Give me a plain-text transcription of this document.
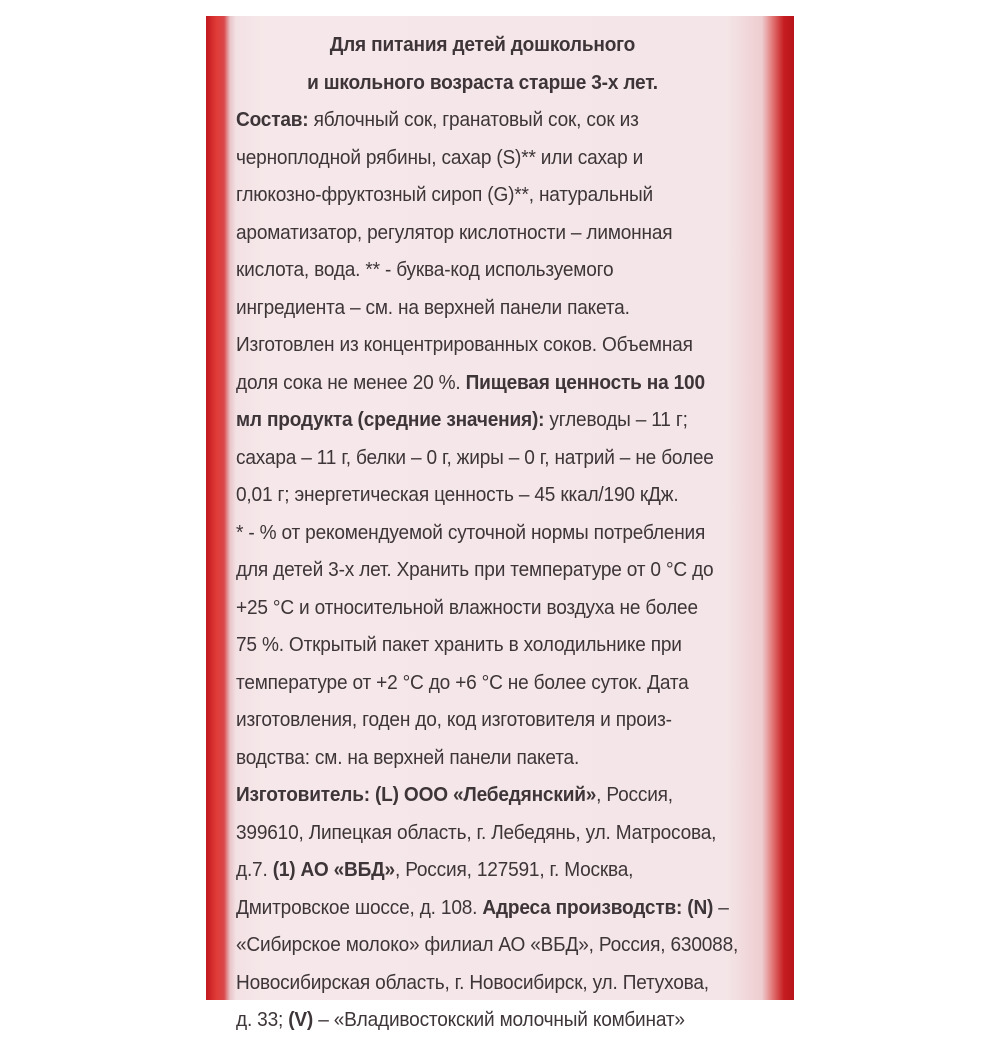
Для питания детей дошкольного
и школьного возраста старше 3-х лет.
Состав: яблочный сок, гранатовый сок, сок из
черноплодной рябины, сахар (S)** или сахар и
глюкозно-фруктозный сироп (G)**, натуральный
ароматизатор, регулятор кислотности – лимонная
кислота, вода. ** - буква-код используемого
ингредиента – см. на верхней панели пакета.
Изготовлен из концентрированных соков. Объемная
доля сока не менее 20 %. Пищевая ценность на 100
мл продукта (средние значения): углеводы – 11 г;
сахара – 11 г, белки – 0 г, жиры – 0 г, натрий – не более
0,01 г; энергетическая ценность – 45 ккал/190 кДж.
* - % от рекомендуемой суточной нормы потребления
для детей 3-х лет. Хранить при температуре от 0 °С до
+25 °С и относительной влажности воздуха не более
75 %. Открытый пакет хранить в холодильнике при
температуре от +2 °С до +6 °С не более суток. Дата
изготовления, годен до, код изготовителя и произ-
водства: см. на верхней панели пакета.
Изготовитель: (L) ООО «Лебедянский», Россия,
399610, Липецкая область, г. Лебедянь, ул. Матросова,
д.7. (1) АО «ВБД», Россия, 127591, г. Москва,
Дмитровское шоссе, д. 108. Адреса производств: (N) –
«Сибирское молоко» филиал АО «ВБД», Россия, 630088,
Новосибирская область, г. Новосибирск, ул. Петухова,
д. 33; (V) – «Владивостокский молочный комбинат»
